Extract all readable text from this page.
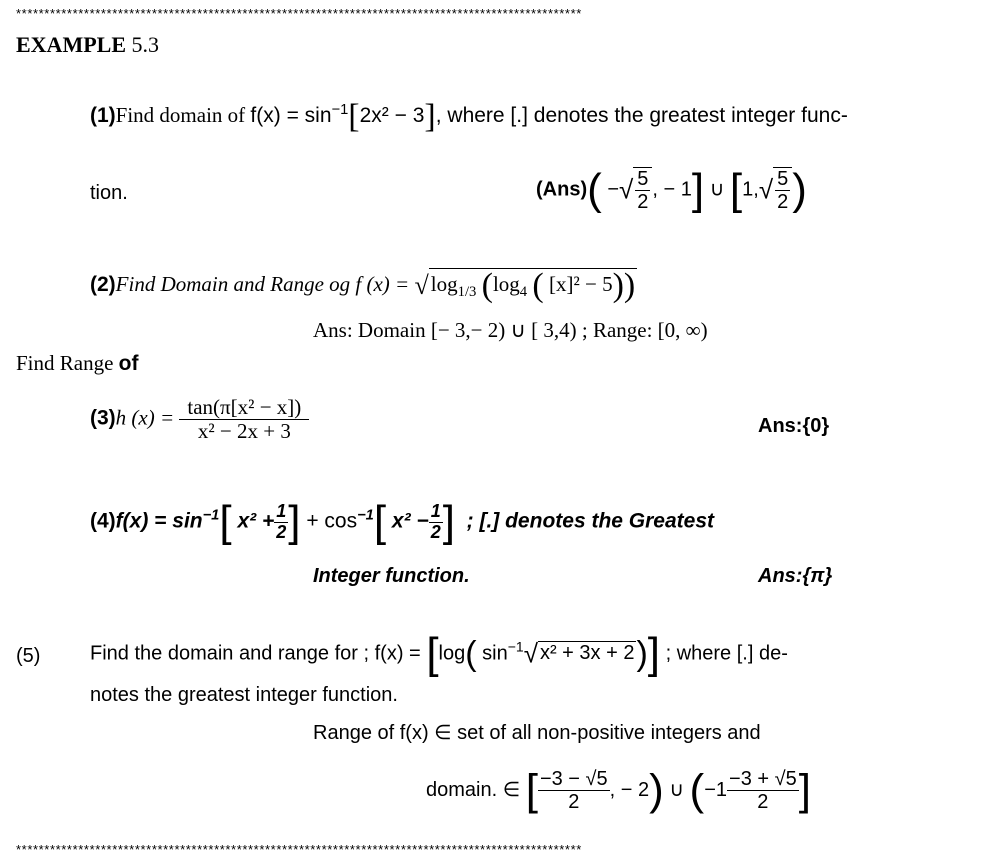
****************************************************************************************************
EXAMPLE 5.3
(1)Find domain of $f(x) = \sin^{-1}[2x^2 - 3]$, where [.] denotes the greatest integer func-
tion.	(Ans)( −√ $\frac{5}{2}$ , − 1] ∪ [$1,√ \frac{5}{2}$ )
(2)Find Domain and Range og f $(x) = √\log_{1/3}$ ($\log_4$ ( [x]² − 5))
Ans: Domain [− 3,− 2) ∪ [ 3,4) ; Range: [0, ∞)
Find Range of
(3)h $(x) = \frac{\text{tan(π[x² − x])}}{\text{x² − 2x + 3}}$	Ans:{0}
$(4)f(x) = \sin^{-1}$[ $x^2 + \frac{1}{2}$ ] + $\cos^{-1}$[ $x^2 - \frac{1}{2}$ ] ; [.] denotes the Greatest
Integer function.	Ans:{π}
(5) Find the domain and range for ; f(x) = [log( $\sin^{-1}√$ x² + 3x + 2)] ; where [.] de-
notes the greatest integer function.
Range of f(x) ∈ set of all non-positive integers and
domain. ∈ [ $\frac{-3 - √5}{2}$ , − 2) ∪ ($-1 \frac{-3 + √5}{2}$ ]
****************************************************************************************************
